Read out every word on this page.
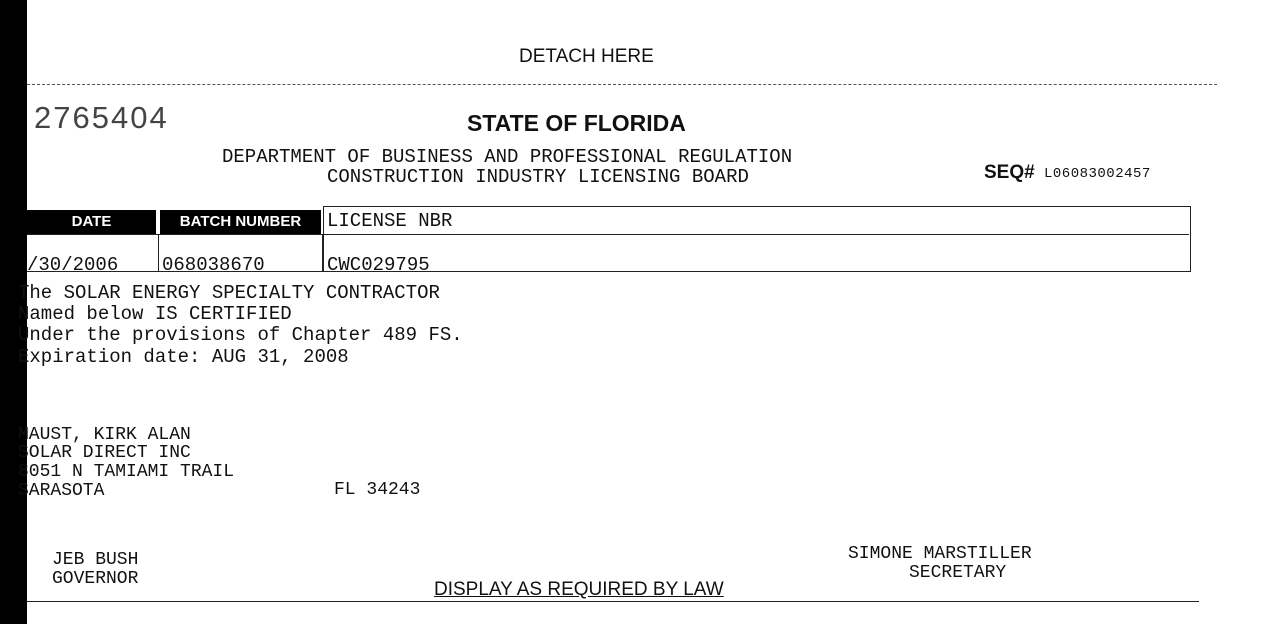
DETACH HERE
2765404	STATE OF FLORIDA
DEPARTMENT OF BUSINESS AND PROFESSIONAL REGULATION
CONSTRUCTION INDUSTRY LICENSING BOARD	SEQ# L06083002457
DATE	BATCH NUMBER	LICENSE NBR
/30/2006 068038670	CWC029795
The SOLAR ENERGY SPECIALTY CONTRACTOR
Named below IS CERTIFIED
Under the provisions of Chapter 489 FS.
Expiration date: AUG 31, 2008
MAUST, KIRK ALAN
SOLAR DIRECT INC
8051 N TAMIAMI TRAIL
SARASOTA	FL 34243
JEB BUSH
GOVERNOR
SIMONE MARSTILLER
SECRETARY
DISPLAY AS REQUIRED BY LAW
